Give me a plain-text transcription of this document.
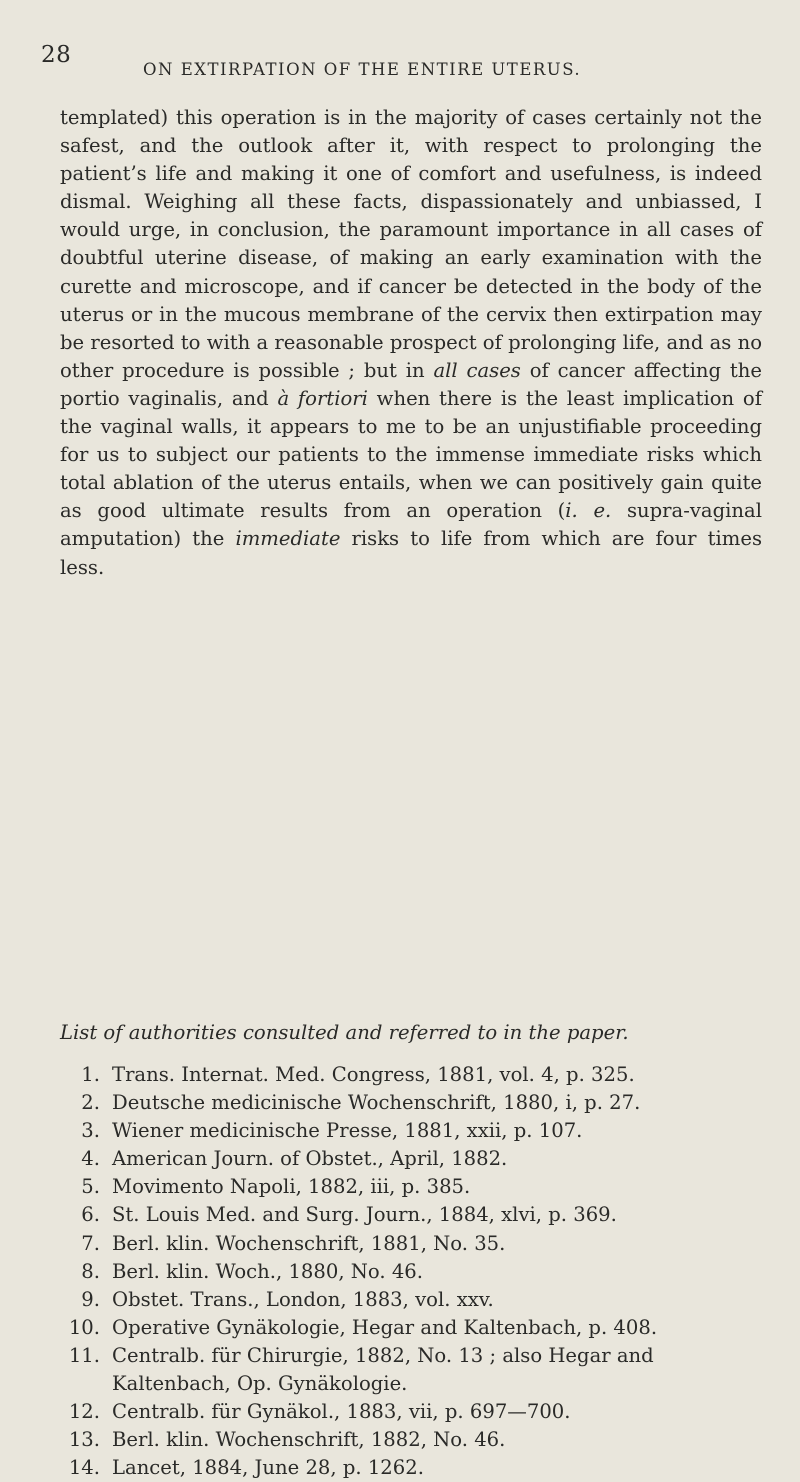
28
ON EXTIRPATION OF THE ENTIRE UTERUS.

templated) this operation is in the majority of cases certainly not the safest, and the outlook after it, with respect to prolonging the patient’s life and making it one of comfort and usefulness, is indeed dismal. Weighing all these facts, dispassionately and unbiassed, I would urge, in conclusion, the paramount importance in all cases of doubtful uterine disease, of making an early examination with the curette and microscope, and if cancer be detected in the body of the uterus or in the mucous membrane of the cervix then extirpation may be resorted to with a reasonable prospect of prolonging life, and as no other procedure is possible ; but in all cases of cancer affecting the portio vaginalis, and à fortiori when there is the least implication of the vaginal walls, it appears to me to be an unjustifiable proceeding for us to subject our patients to the immense immediate risks which total ablation of the uterus entails, when we can positively gain quite as good ultimate results from an operation (i. e. supra-vaginal amputation) the immediate risks to life from which are four times less.

List of authorities consulted and referred to in the paper.

1. Trans. Internat. Med. Congress, 1881, vol. 4, p. 325.
2. Deutsche medicinische Wochenschrift, 1880, i, p. 27.
3. Wiener medicinische Presse, 1881, xxii, p. 107.
4. American Journ. of Obstet., April, 1882.
5. Movimento Napoli, 1882, iii, p. 385.
6. St. Louis Med. and Surg. Journ., 1884, xlvi, p. 369.
7. Berl. klin. Wochenschrift, 1881, No. 35.
8. Berl. klin. Woch., 1880, No. 46.
9. Obstet. Trans., London, 1883, vol. xxv.
10. Operative Gynäkologie, Hegar and Kaltenbach, p. 408.
11. Centralb. für Chirurgie, 1882, No. 13 ; also Hegar and Kaltenbach, Op. Gynäkologie.
12. Centralb. für Gynäkol., 1883, vii, p. 697—700.
13. Berl. klin. Wochenschrift, 1882, No. 46.
14. Lancet, 1884, June 28, p. 1262.
